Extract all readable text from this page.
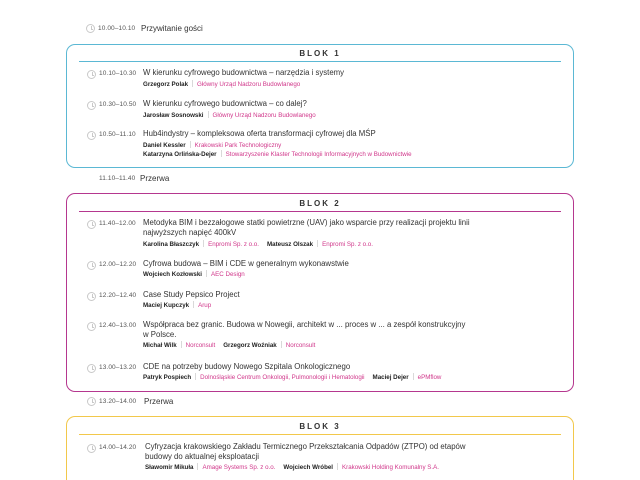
10.00–10.10 Przywitanie gości
BLOK 1
10.10–10.30 W kierunku cyfrowego budownictwa – narzędzia i systemy
Grzegorz Polak Główny Urząd Nadzoru Budowlanego
10.30–10.50 W kierunku cyfrowego budownictwa – co dalej?
Jarosław Sosnowski Główny Urząd Nadzoru Budowlanego
10.50–11.10 Hub4indystry – kompleksowa oferta transformacji cyfrowej dla MŚP
Daniel Kessler Krakowski Park Technologiczny
Katarzyna Orlińska-Dejer Stowarzyszenie Klaster Technologii Informacyjnych w Budownictwie
11.10–11.40 Przerwa
BLOK 2
11.40–12.00 Metodyka BIM i bezzałogowe statki powietrzne (UAV) jako wsparcie przy realizacji projektu linii
najwyższych napięć 400kV
Karolina Błaszczyk Enpromi Sp. z o.o. Mateusz Olszak Enpromi Sp. z o.o.
12.00–12.20 Cyfrowa budowa – BIM i CDE w generalnym wykonawstwie
Wojciech Kozłowski AEC Design
12.20–12.40 Case Study Pepsico Project
Maciej Kupczyk Arup
12.40–13.00 Współpraca bez granic. Budowa w Nowegii, architekt w ... proces w ... a zespół konstrukcyjny
w Polsce.
Michał Wilk Norconsult Grzegorz Woźniak Norconsult
13.00–13.20 CDE na potrzeby budowy Nowego Szpitala Onkologicznego
Patryk Pospiech Dolnośląskie Centrum Onkologii, Pulmonologii i Hematologii Maciej Dejer ePMflow
13.20–14.00 Przerwa
BLOK 3
14.00–14.20 Cyfryzacja krakowskiego Zakładu Termicznego Przekształcania Odpadów (ZTPO) od etapów
budowy do aktualnej eksploatacji
Sławomir Mikuła Amage Systems Sp. z o.o. Wojciech Wróbel Krakowski Holding Komunalny S.A.
